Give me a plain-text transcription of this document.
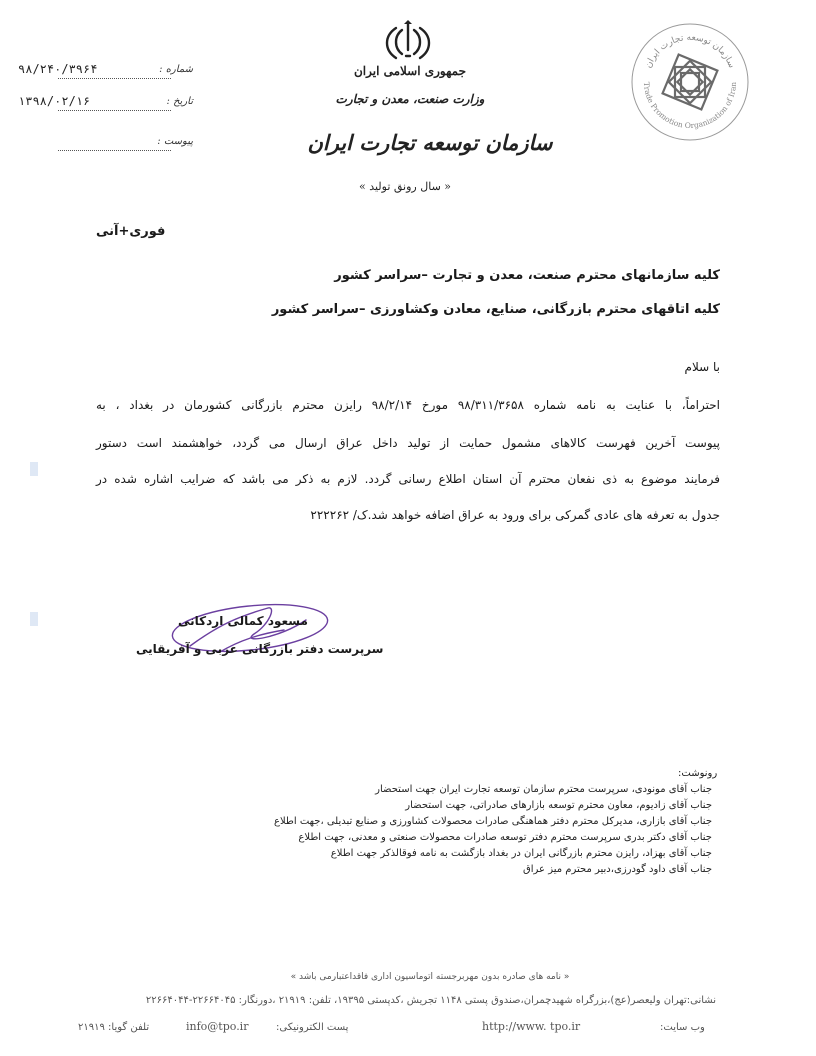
شماره :
۹۸/۲۴۰/۳۹۶۴
تاریخ :
۱۳۹۸/۰۲/۱۶
پیوست :
جمهوری اسلامی ایران
وزارت صنعت، معدن و تجارت
سازمان توسعه تجارت ایران
« سال رونق تولید »
سازمان توسعه تجارت ایران
Trade Promotion Organization of Iran
فوری+آنی
کلیه سازمانهای محترم صنعت، معدن و تجارت –سراسر کشور
کلیه اتاقهای محترم بازرگانی، صنایع، معادن وکشاورزی –سراسر کشور
با سلام
احتراماً، با عنایت به نامه شماره ۹۸/۳۱۱/۳۶۵۸ مورخ ۹۸/۲/۱۴ رایزن محترم بازرگانی کشورمان در بغداد ، به
پیوست آخرین فهرست کالاهای مشمول حمایت از تولید داخل عراق ارسال می گردد، خواهشمند است دستور
فرمایند موضوع به ذی نفعان محترم آن استان اطلاع رسانی گردد. لازم به ذکر می باشد که ضرایب اشاره شده در
جدول به تعرفه های عادی گمرکی برای ورود به عراق اضافه خواهد شد.ک/ ۲۲۲۲۶۲
مسعود کمالی اردکانی
سرپرست دفتر بازرگانی عربی و آفریقایی
رونوشت:
جناب آقای مونودی، سرپرست محترم سازمان توسعه تجارت ایران جهت استحضار
جناب آقای زادیوم، معاون محترم توسعه بازارهای صادراتی، جهت استحضار
جناب آقای بازاری، مدیرکل محترم دفتر هماهنگی صادرات محصولات کشاورزی و صنایع تبدیلی ،جهت اطلاع
جناب آقای دکتر بدری سرپرست محترم دفتر توسعه صادرات محصولات صنعتی و معدنی، جهت اطلاع
جناب آقای بهزاد، رایزن محترم بازرگانی ایران در بغداد بازگشت به نامه فوقالذکر جهت اطلاع
جناب آقای داود گودرزی،دبیر محترم میز عراق
« نامه های صادره بدون مهربرجسته اتوماسیون اداری فاقداعتبارمی باشد »
نشانی:تهران ولیعصر(عج)،بزرگراه شهیدچمران،صندوق پستی ۱۱۴۸ تجریش ،کدپستی ۱۹۳۹۵، تلفن: ۲۱۹۱۹ ،دورنگار: ۲۲۶۶۴۰۴۵-۲۲۶۶۴۰۴۴
وب سایت:
http://www. tpo.ir
پست الکترونیکی:
info@tpo.ir
تلفن گویا: ۲۱۹۱۹
